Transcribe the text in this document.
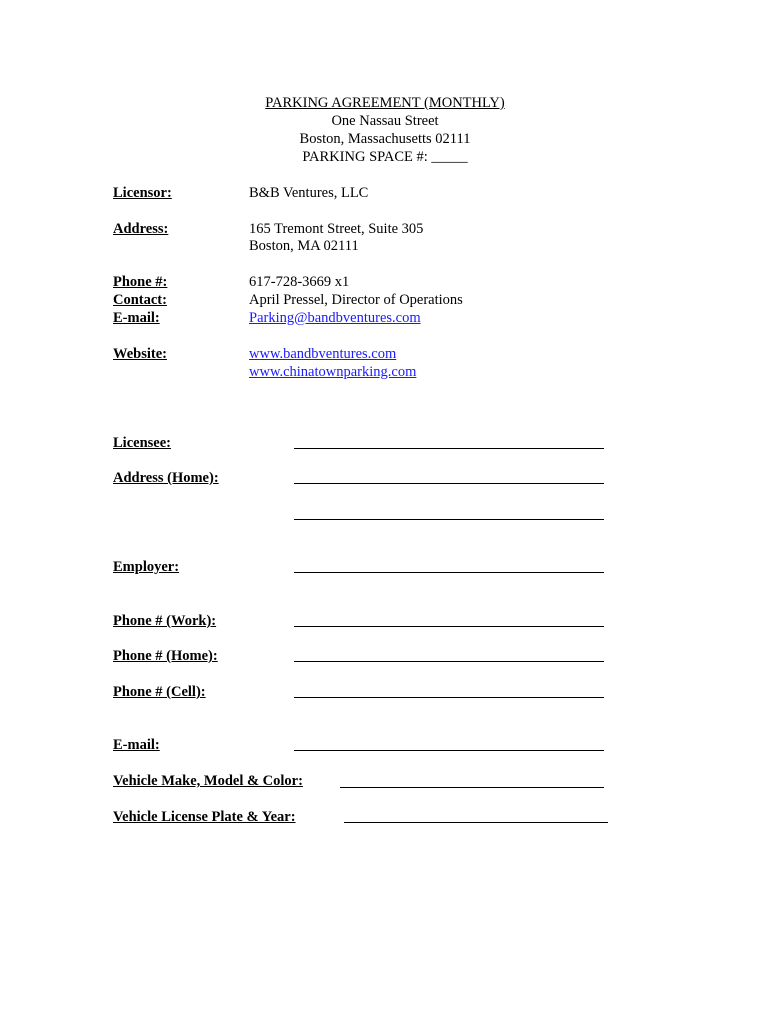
PARKING AGREEMENT (MONTHLY)
One Nassau Street
Boston, Massachusetts 02111
PARKING SPACE #: _____
Licensor:	B&B Ventures, LLC
Address:	165 Tremont Street, Suite 305
Boston, MA 02111
Phone #:	617-728-3669 x1
Contact:	April Pressel, Director of Operations
E-mail:	Parking@bandbventures.com
Website:	www.bandbventures.com
www.chinatownparking.com
Licensee:
Address (Home):
Employer:
Phone # (Work):
Phone # (Home):
Phone # (Cell):
E-mail:
Vehicle Make, Model & Color:
Vehicle License Plate & Year:
